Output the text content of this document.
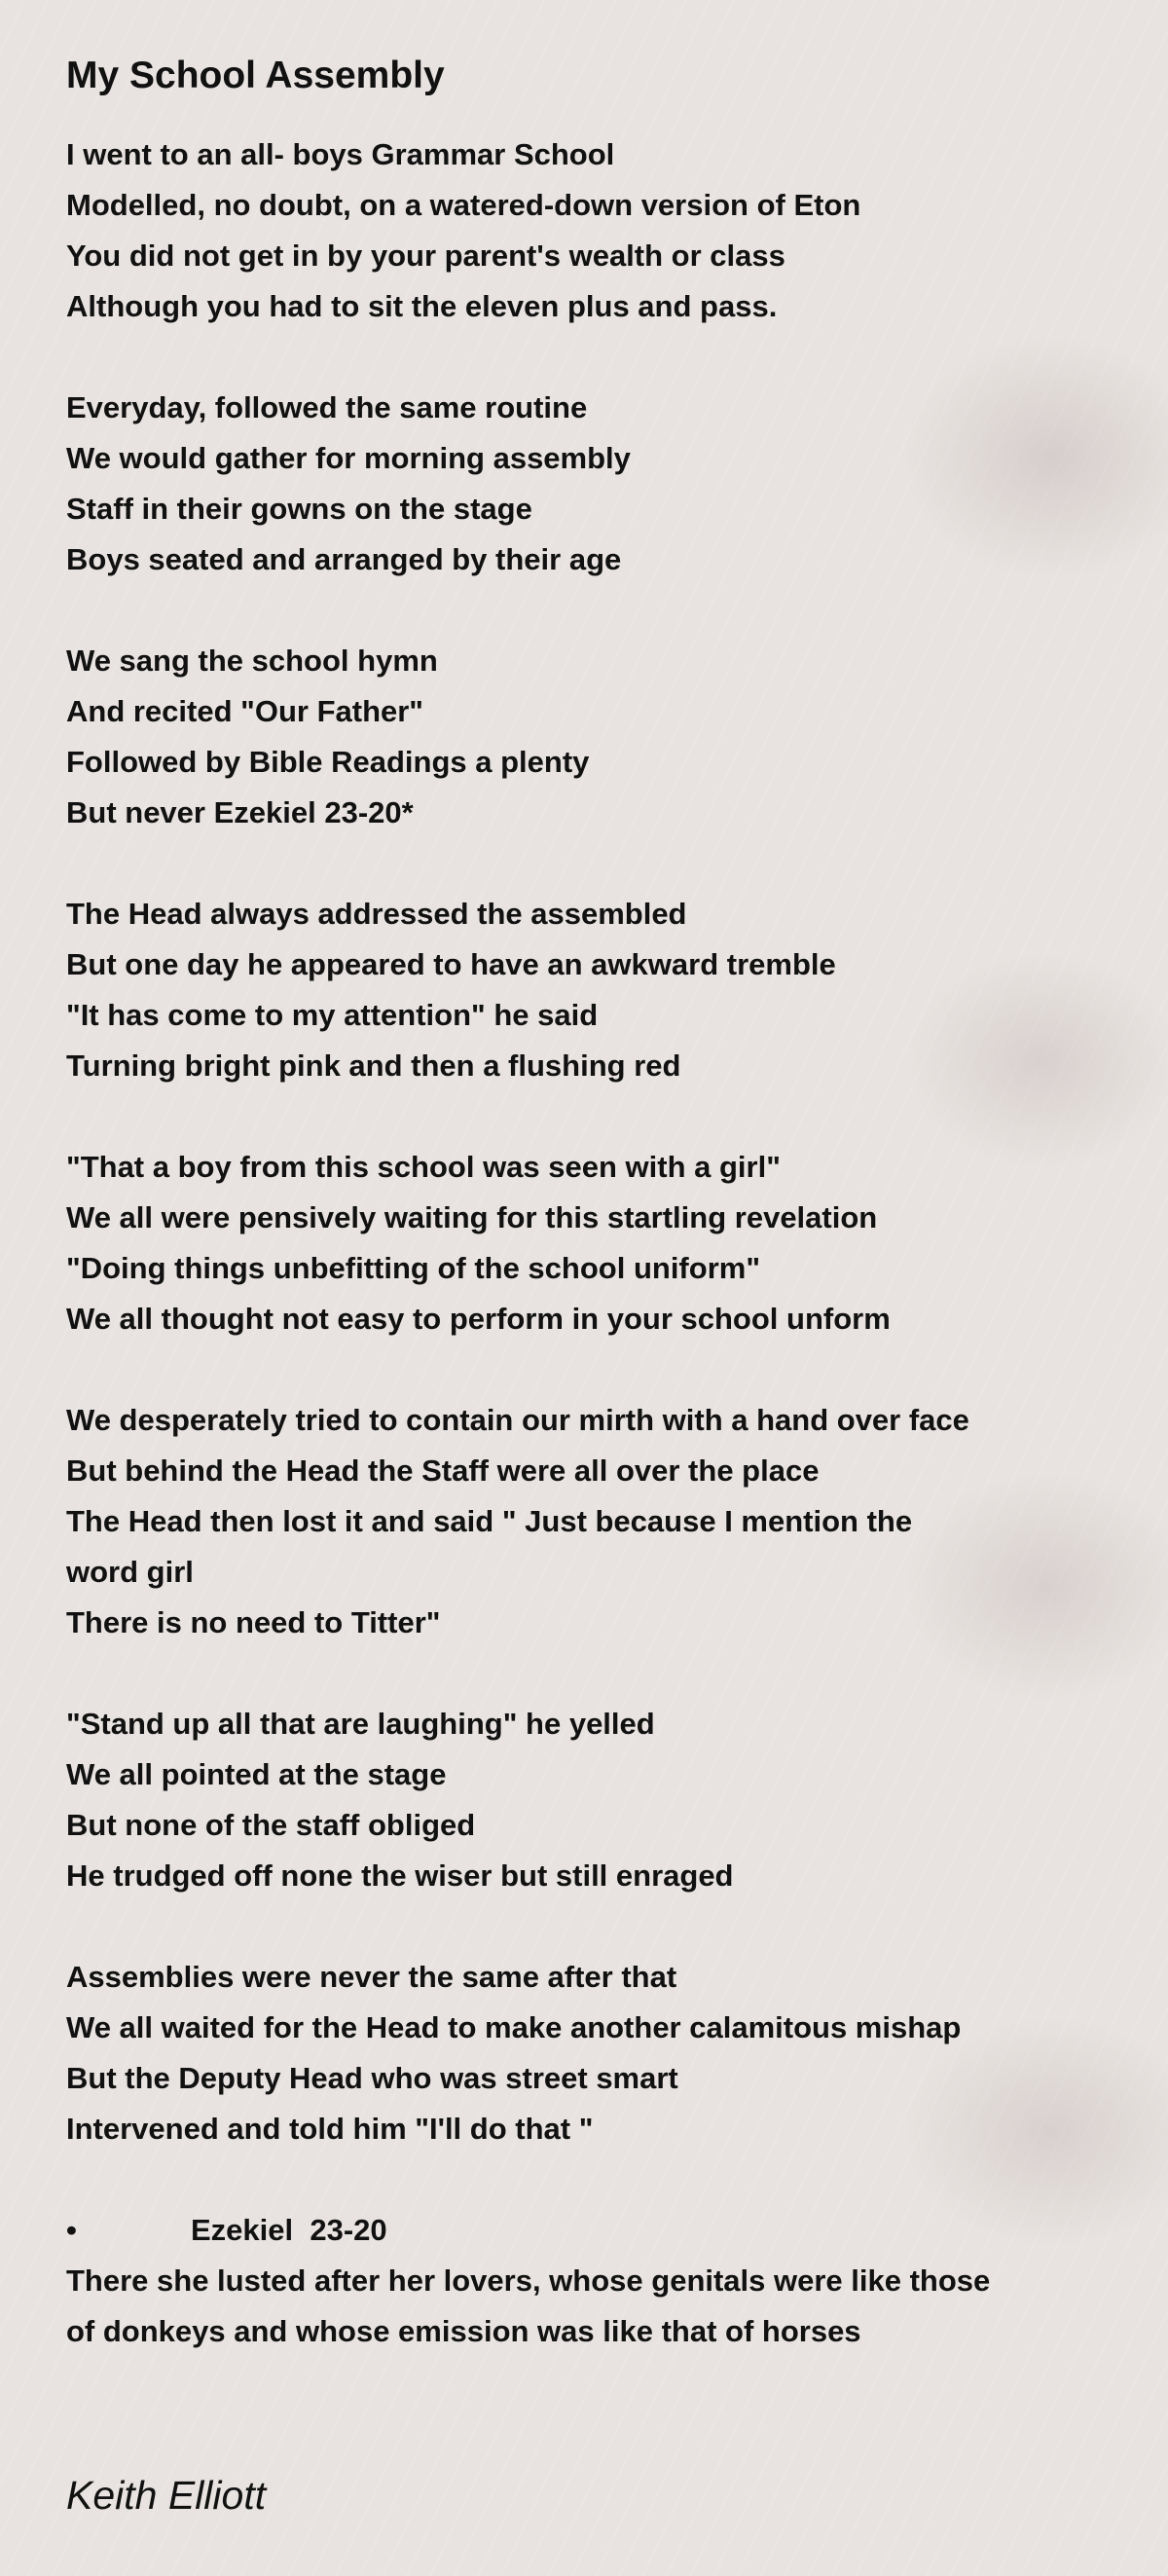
My School Assembly
I went to an all- boys Grammar School
Modelled, no doubt, on a watered-down version of Eton
You did not get in by your parent's wealth or class
Although you had to sit the eleven plus and pass.
Everyday, followed the same routine
We would gather for morning assembly
Staff in their gowns on the stage
Boys seated and arranged by their age
We sang the school hymn
And recited "Our Father"
Followed by Bible Readings a plenty
But never Ezekiel 23-20*
The Head always addressed the assembled
But one day he appeared to have an awkward tremble
"It has come to my attention" he said
Turning bright pink and then a flushing red
"That a boy from this school was seen with a girl"
We all were pensively waiting for this startling revelation
"Doing things unbefitting of the school uniform"
We all thought not easy to perform in your school unform
We desperately tried to contain our mirth with a hand over face
But behind the Head the Staff were all over the place
The Head then lost it and said " Just because I mention the
word girl
There is no need to Titter"
"Stand up all that are laughing" he yelled
We all pointed at the stage
But none of the staff obliged
He trudged off none the wiser but still enraged
Assemblies were never the same after that
We all waited for the Head to make another calamitous mishap
But the Deputy Head who was street smart
Intervened and told him "I'll do that "
•	Ezekiel  23-20
There she lusted after her lovers, whose genitals were like those
of donkeys and whose emission was like that of horses
Keith Elliott
